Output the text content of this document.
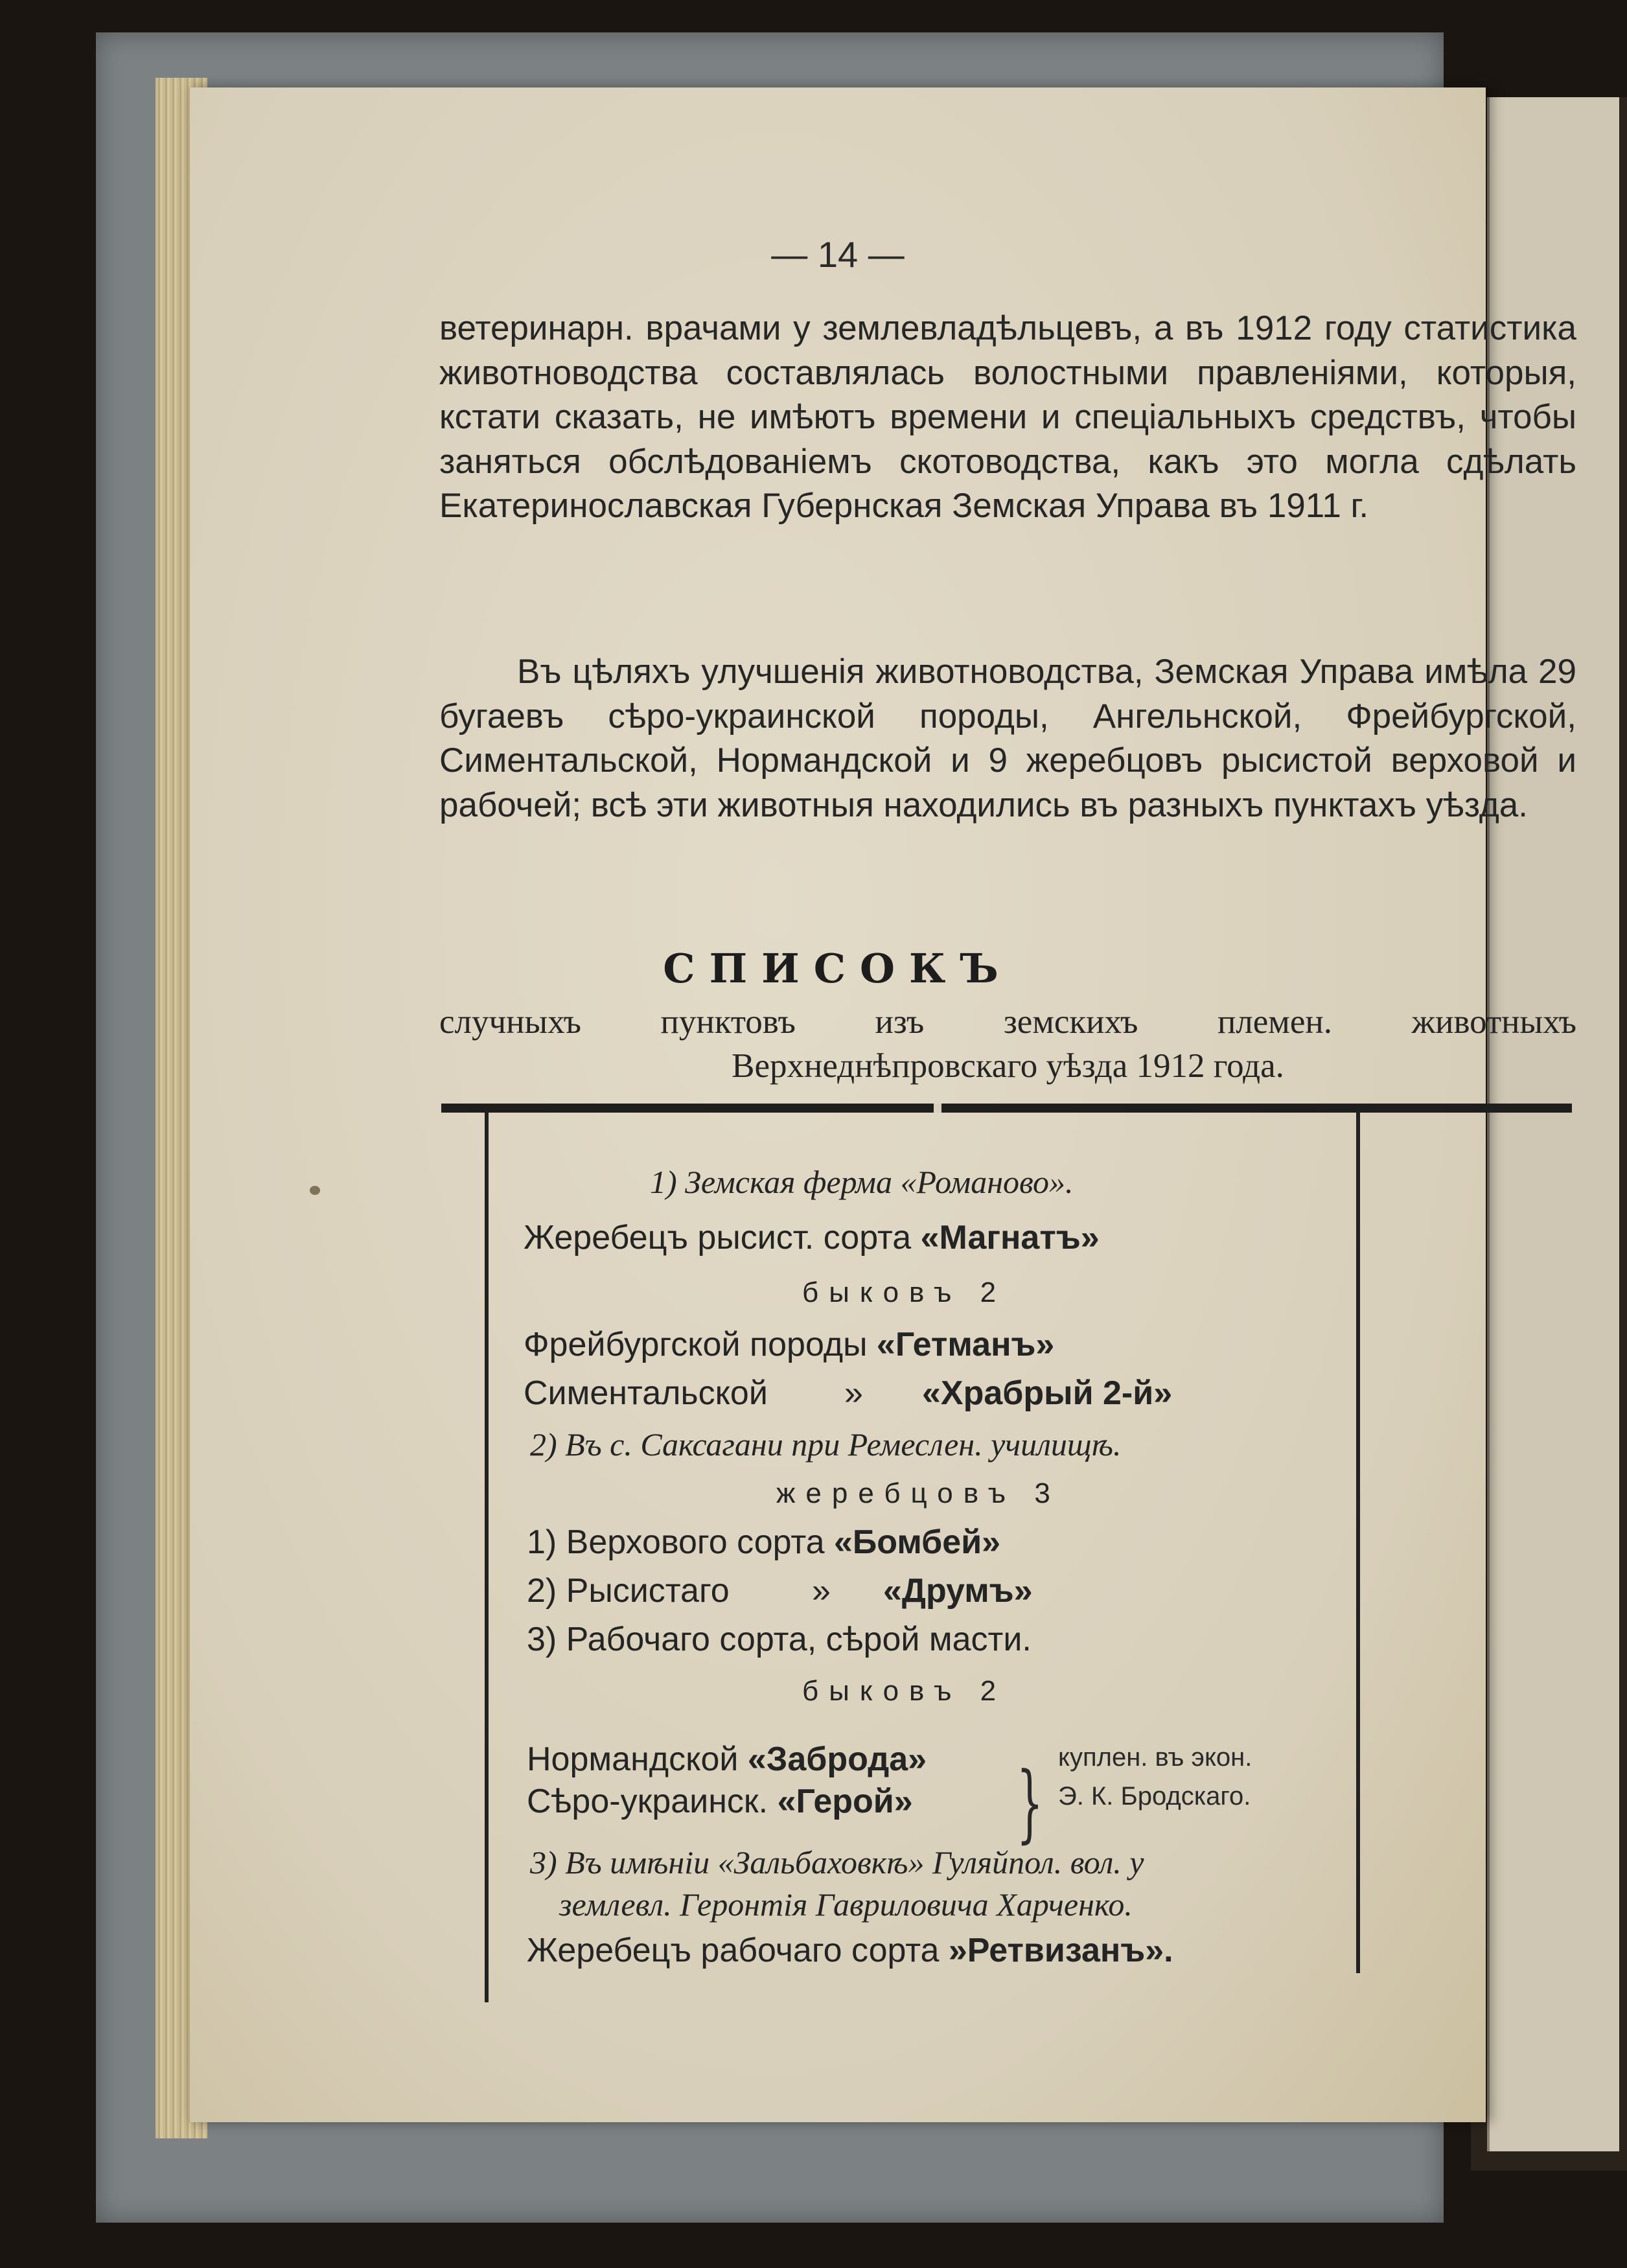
— 14 —
ветеринарн. врачами у землевладѣльцевъ, а въ 1912 году статистика животноводства составлялась волостными правленіями, которыя, кстати сказать, не имѣютъ времени и спеціальныхъ средствъ, чтобы заняться обслѣдованіемъ скотоводства, какъ это могла сдѣлать Екатеринославская Губернская Земская Управа въ 1911 г.
Въ цѣляхъ улучшенія животноводства, Земская Управа имѣла 29 бугаевъ сѣро-украинской породы, Ангельнской, Фрейбургской, Симентальской, Нормандской и 9 жеребцовъ рысистой верховой и рабочей; всѣ эти животныя находились въ разныхъ пунктахъ уѣзда.
СПИСОКЪ
случныхъ пунктовъ изъ земскихъ племен. животныхъ
Верхнеднѣпровскаго уѣзда 1912 года.
1) Земская ферма «Романово».
Жеребецъ рысист. сорта «Магнатъ»
быковъ 2
Фрейбургской породы «Гетманъ»
Симентальской » «Храбрый 2-й»
2) Въ с. Саксагани при Ремеслен. училищѣ.
жеребцовъ 3
1) Верхового сорта «Бомбей»
2) Рысистаго » «Друмъ»
3) Рабочаго сорта, сѣрой масти.
быковъ 2
Нормандской «Заброда»
Сѣро-украинск. «Герой» } куплен. въ экон.
Э. К. Бродскаго.
3) Въ имѣніи «Зальбаховкѣ» Гуляйпол. вол. у
землевл. Геронтія Гавриловича Харченко.
Жеребецъ рабочаго сорта »Ретвизанъ».
